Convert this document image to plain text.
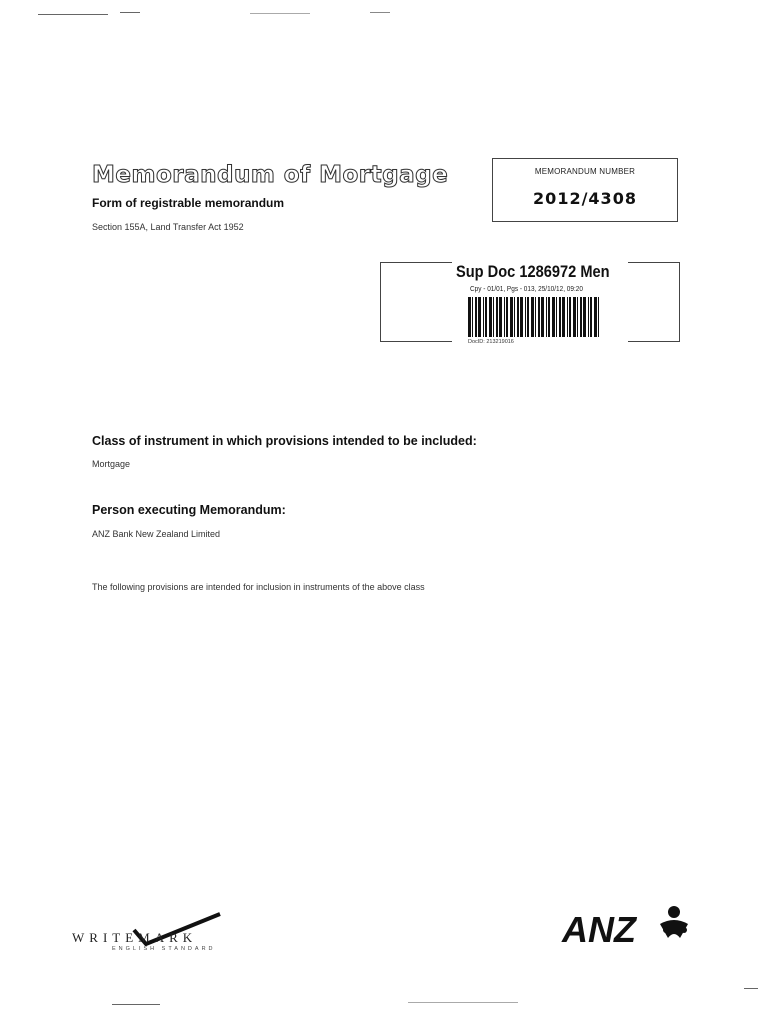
Memorandum of Mortgage
Form of registrable memorandum
Section 155A, Land Transfer Act 1952
MEMORANDUM NUMBER
2012/4308
Sup Doc 1286972 Men
Cpy - 01/01, Pgs - 013, 25/10/12, 09:20
DocID: 213219016
Class of instrument in which provisions intended to be included:
Mortgage
Person executing Memorandum:
ANZ Bank New Zealand Limited
The following provisions are intended for inclusion in instruments of the above class
WRITEMARK
ENGLISH STANDARD	ANZ
